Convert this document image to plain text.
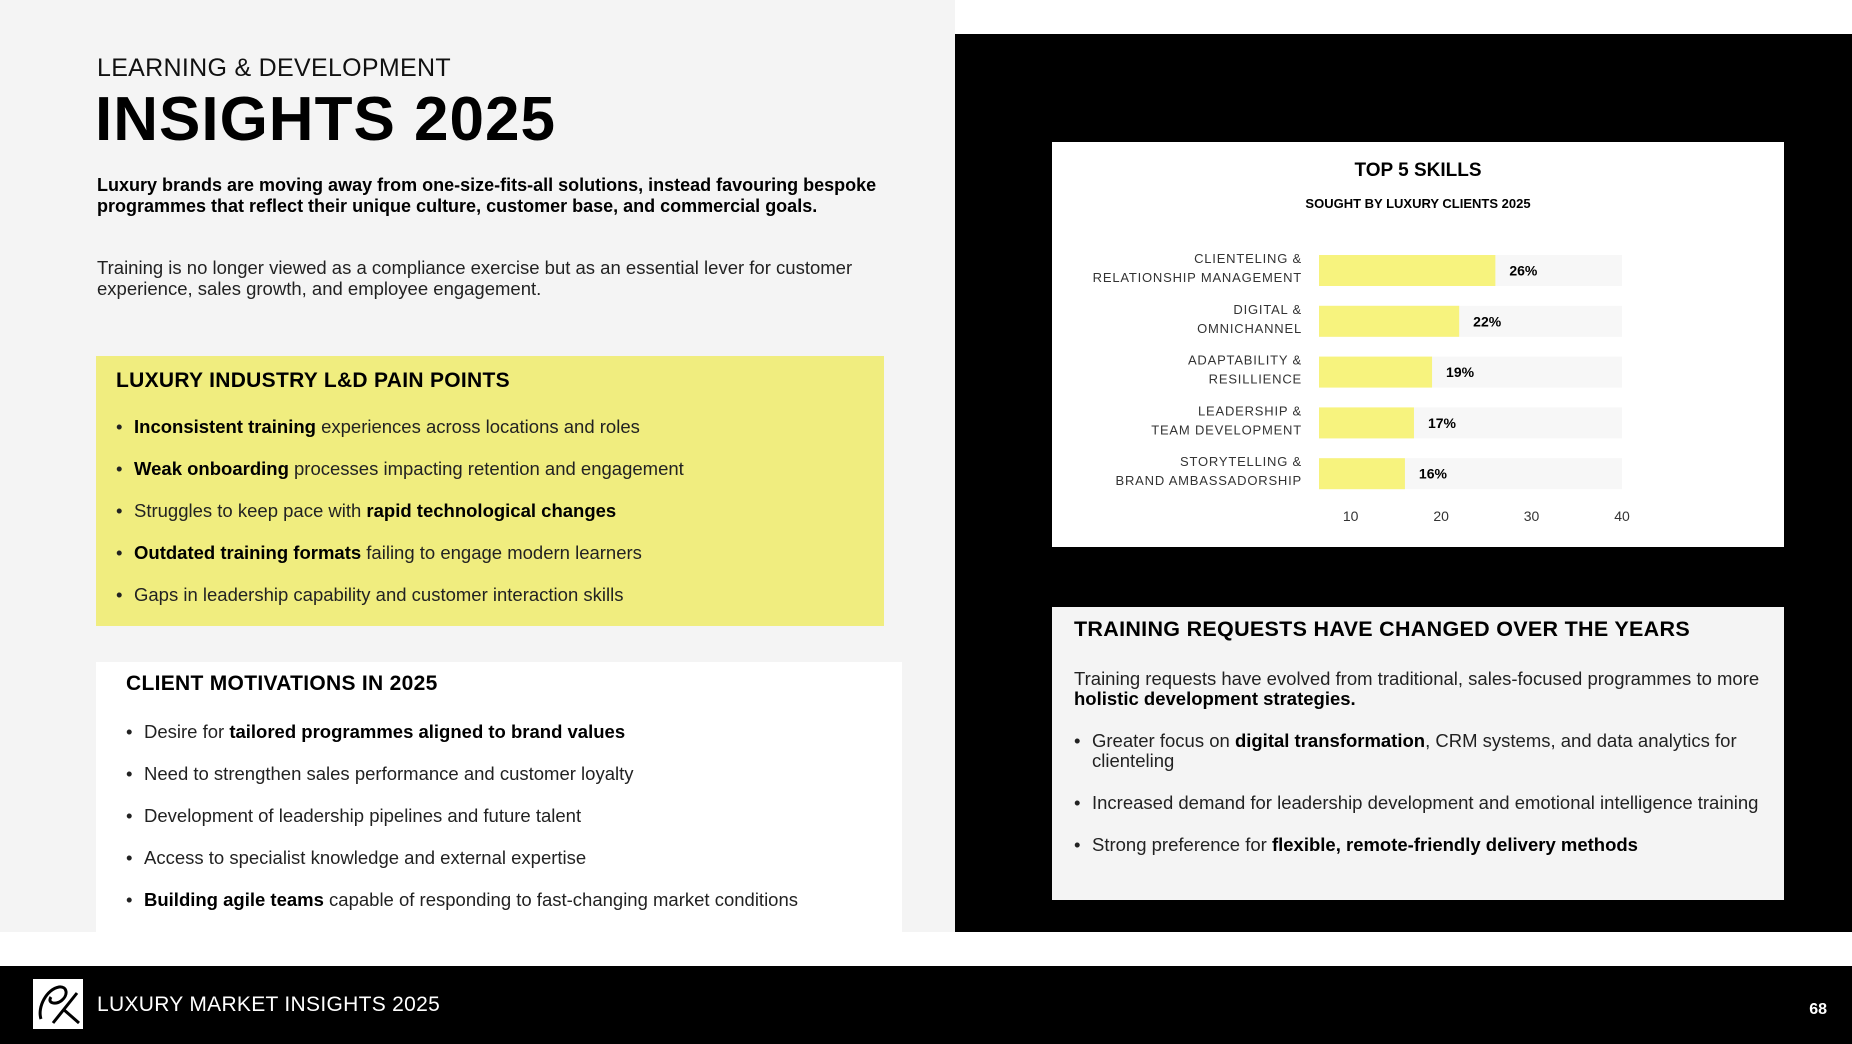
LEARNING & DEVELOPMENT
INSIGHTS 2025

Luxury brands are moving away from one-size-fits-all solutions, instead favouring bespoke programmes that reflect their unique culture, customer base, and commercial goals.

Training is no longer viewed as a compliance exercise but as an essential lever for customer experience, sales growth, and employee engagement.

LUXURY INDUSTRY L&D PAIN POINTS
• Inconsistent training experiences across locations and roles
• Weak onboarding processes impacting retention and engagement
• Struggles to keep pace with rapid technological changes
• Outdated training formats failing to engage modern learners
• Gaps in leadership capability and customer interaction skills
CLIENT MOTIVATIONS IN 2025
• Desire for tailored programmes aligned to brand values
• Need to strengthen sales performance and customer loyalty
• Development of leadership pipelines and future talent
• Access to specialist knowledge and external expertise
• Building agile teams capable of responding to fast-changing market conditions
TOP 5 SKILLS
SOUGHT BY LUXURY CLIENTS 2025
26%
CLIENTELING &
RELATIONSHIP MANAGEMENT
22%
DIGITAL &
OMNICHANNEL
19%
ADAPTABILITY &
RESILLIENCE
17%
LEADERSHIP &
TEAM DEVELOPMENT
16%
STORYTELLING &
BRAND AMBASSADORSHIP
10	20	30	40
TRAINING REQUESTS HAVE CHANGED OVER THE YEARS

Training requests have evolved from traditional, sales-focused programmes to more holistic development strategies.

• Greater focus on digital transformation, CRM systems, and data analytics for clienteling
• Increased demand for leadership development and emotional intelligence training
• Strong preference for flexible, remote-friendly delivery methods
LUXURY MARKET INSIGHTS 2025	68
